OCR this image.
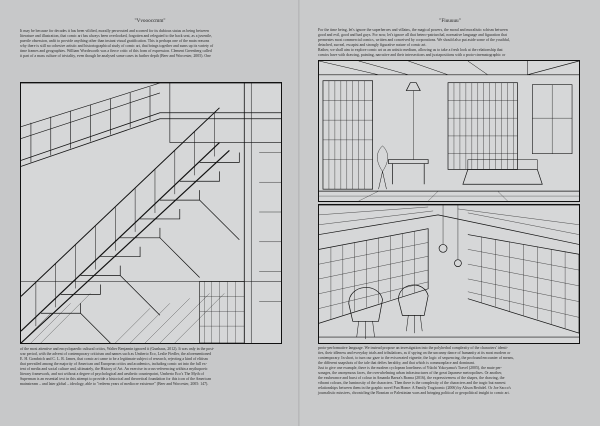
"Vvoooccmm"
It may be because for decades it has been vilified, morally persecuted and scorned for its dubious status as being between
literature and illustration, that comic art has always been overlooked, forgotten and relegated to the back seat, as a juvenile,
puerile obsession, unfit to provide anything other than instant visual gratification. This is perhaps one of the main reasons
why there is still no cohesive artistic and historiographical study of comic art, that brings together and sums up its variety of
time frames and geographies. William Wordsworth was a fierce critic of this form of expression. Clement Greenberg called
it part of a mass culture of triviality, even though he analysed some cases in further depth (Beer and Worcester, 2005). One
of the most attentive and encyclopaedic cultural critics, Walter Benjamin ignored it (Gunhaus, 2012). It was only in the post-
war period, with the advent of contemporary criticism and names such as Umberto Eco, Leslie Fiedler, the aforementioned
E. H. Gombrich and C. L. R. James, that comic art came to be a legitimate subject of research, rejecting a kind of elitism
that prevailed among the majority of American and European critics and academics, including comic art into the full ex-
tent of media and social culture and, ultimately, the History of Art. An exercise in cross-referencing within a mythopoeic
literary framework, and not without a degree of psychological and aesthetic counterpoint, Umberto Eco's The Myth of
Superman is an essential text in this attempt to provide a historical and theoretical foundation for this icon of the American
mainstream – and later global – ideology, able to "redeem years of mediocre existence" (Beer and Worcester, 2005: 147).
"Fiuuuuu"
For the time being, let's ignore the superheroes and villains, the magical powers, the moral and moralistic schism between
good and evil, good and bad guys. For now, let's ignore all that hetero-patriarchal, normative language and figuration that
permeates most commercial comics, written and conceived by corporations. We should also put aside some of the youthful,
detached, surreal, escapist and strongly figurative nature of comic art.
Rather, we shall aim to explore comic art as an artistic medium, allowing us to take a fresh look at the relationship that
comics have with drawing, painting, narrative and their intersections and juxtapositions with a proto-cinematographic or
proto-performative language. We instead propose an investigation into the polyhedral complexity of the characters' identi-
ties, their idleness and everyday trials and tribulations, as if spying on the uncanny dance of humanity at its most modern or
contemporary. In short, to turn our gaze to the eviscerated vignette, the logic of sequencing, the profound encounter of means,
the different snapshots of the tale that defies heraldry, and that which is commonplace and dominant.
Just to give one example, there is the modern cyclopean loneliness of Yūichi Yokoyama's Travel (2005), the mute per-
sonages, the anonymous faces, the overwhelming urban infrastructures of the great Japanese metropolises. Or another,
the exuberance and burst of colour in Amanda Baeza's Brama (2016), the expressiveness of the shapes, the drawing, the
vibrant colours, the luminosity of the characters. Then there is the complexity of the characters and the tragic but earnest
relationships between them in the graphic novel Fun Home: A Family Tragicomic (2006) by Alison Bechdel. Or Joe Sacco's
journalistic missives, chronicling the Bosnian or Palestinian wars and bringing political or geopolitical insight to comic art.
